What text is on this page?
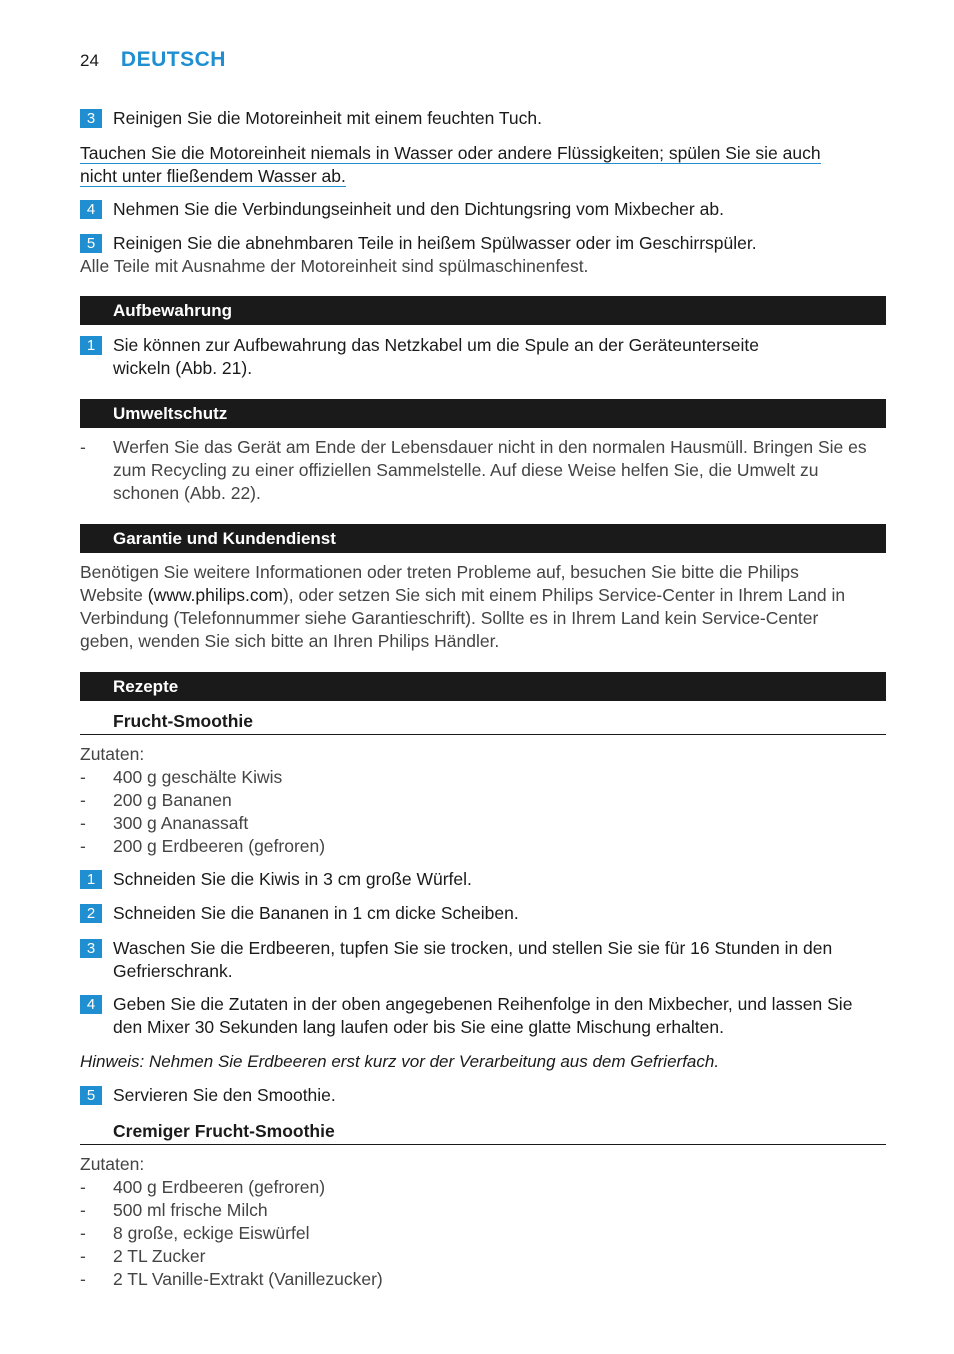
24 DEUTSCH
3	Reinigen Sie die Motoreinheit mit einem feuchten Tuch.
Tauchen Sie die Motoreinheit niemals in Wasser oder andere Flüssigkeiten; spülen Sie sie auch
nicht unter fließendem Wasser ab.
4	Nehmen Sie die Verbindungseinheit und den Dichtungsring vom Mixbecher ab.
5	Reinigen Sie die abnehmbaren Teile in heißem Spülwasser oder im Geschirrspüler.
Alle Teile mit Ausnahme der Motoreinheit sind spülmaschinenfest.
Aufbewahrung
1	Sie können zur Aufbewahrung das Netzkabel um die Spule an der Geräteunterseite
wickeln (Abb. 21).
Umweltschutz
-	Werfen Sie das Gerät am Ende der Lebensdauer nicht in den normalen Hausmüll. Bringen Sie es
zum Recycling zu einer offiziellen Sammelstelle. Auf diese Weise helfen Sie, die Umwelt zu
schonen (Abb. 22).
Garantie und Kundendienst
Benötigen Sie weitere Informationen oder treten Probleme auf, besuchen Sie bitte die Philips
Website (www.philips.com), oder setzen Sie sich mit einem Philips Service-Center in Ihrem Land in
Verbindung (Telefonnummer siehe Garantieschrift). Sollte es in Ihrem Land kein Service-Center
geben, wenden Sie sich bitte an Ihren Philips Händler.
Rezepte
Frucht-Smoothie
Zutaten:
-	400 g geschälte Kiwis
-	200 g Bananen
-	300 g Ananassaft
-	200 g Erdbeeren (gefroren)
1	Schneiden Sie die Kiwis in 3 cm große Würfel.
2	Schneiden Sie die Bananen in 1 cm dicke Scheiben.
3	Waschen Sie die Erdbeeren, tupfen Sie sie trocken, und stellen Sie sie für 16 Stunden in den
Gefrierschrank.
4	Geben Sie die Zutaten in der oben angegebenen Reihenfolge in den Mixbecher, und lassen Sie
den Mixer 30 Sekunden lang laufen oder bis Sie eine glatte Mischung erhalten.
Hinweis: Nehmen Sie Erdbeeren erst kurz vor der Verarbeitung aus dem Gefrierfach.
5	Servieren Sie den Smoothie.
Cremiger Frucht-Smoothie
Zutaten:
-	400 g Erdbeeren (gefroren)
-	500 ml frische Milch
-	8 große, eckige Eiswürfel
-	2 TL Zucker
-	2 TL Vanille-Extrakt (Vanillezucker)
